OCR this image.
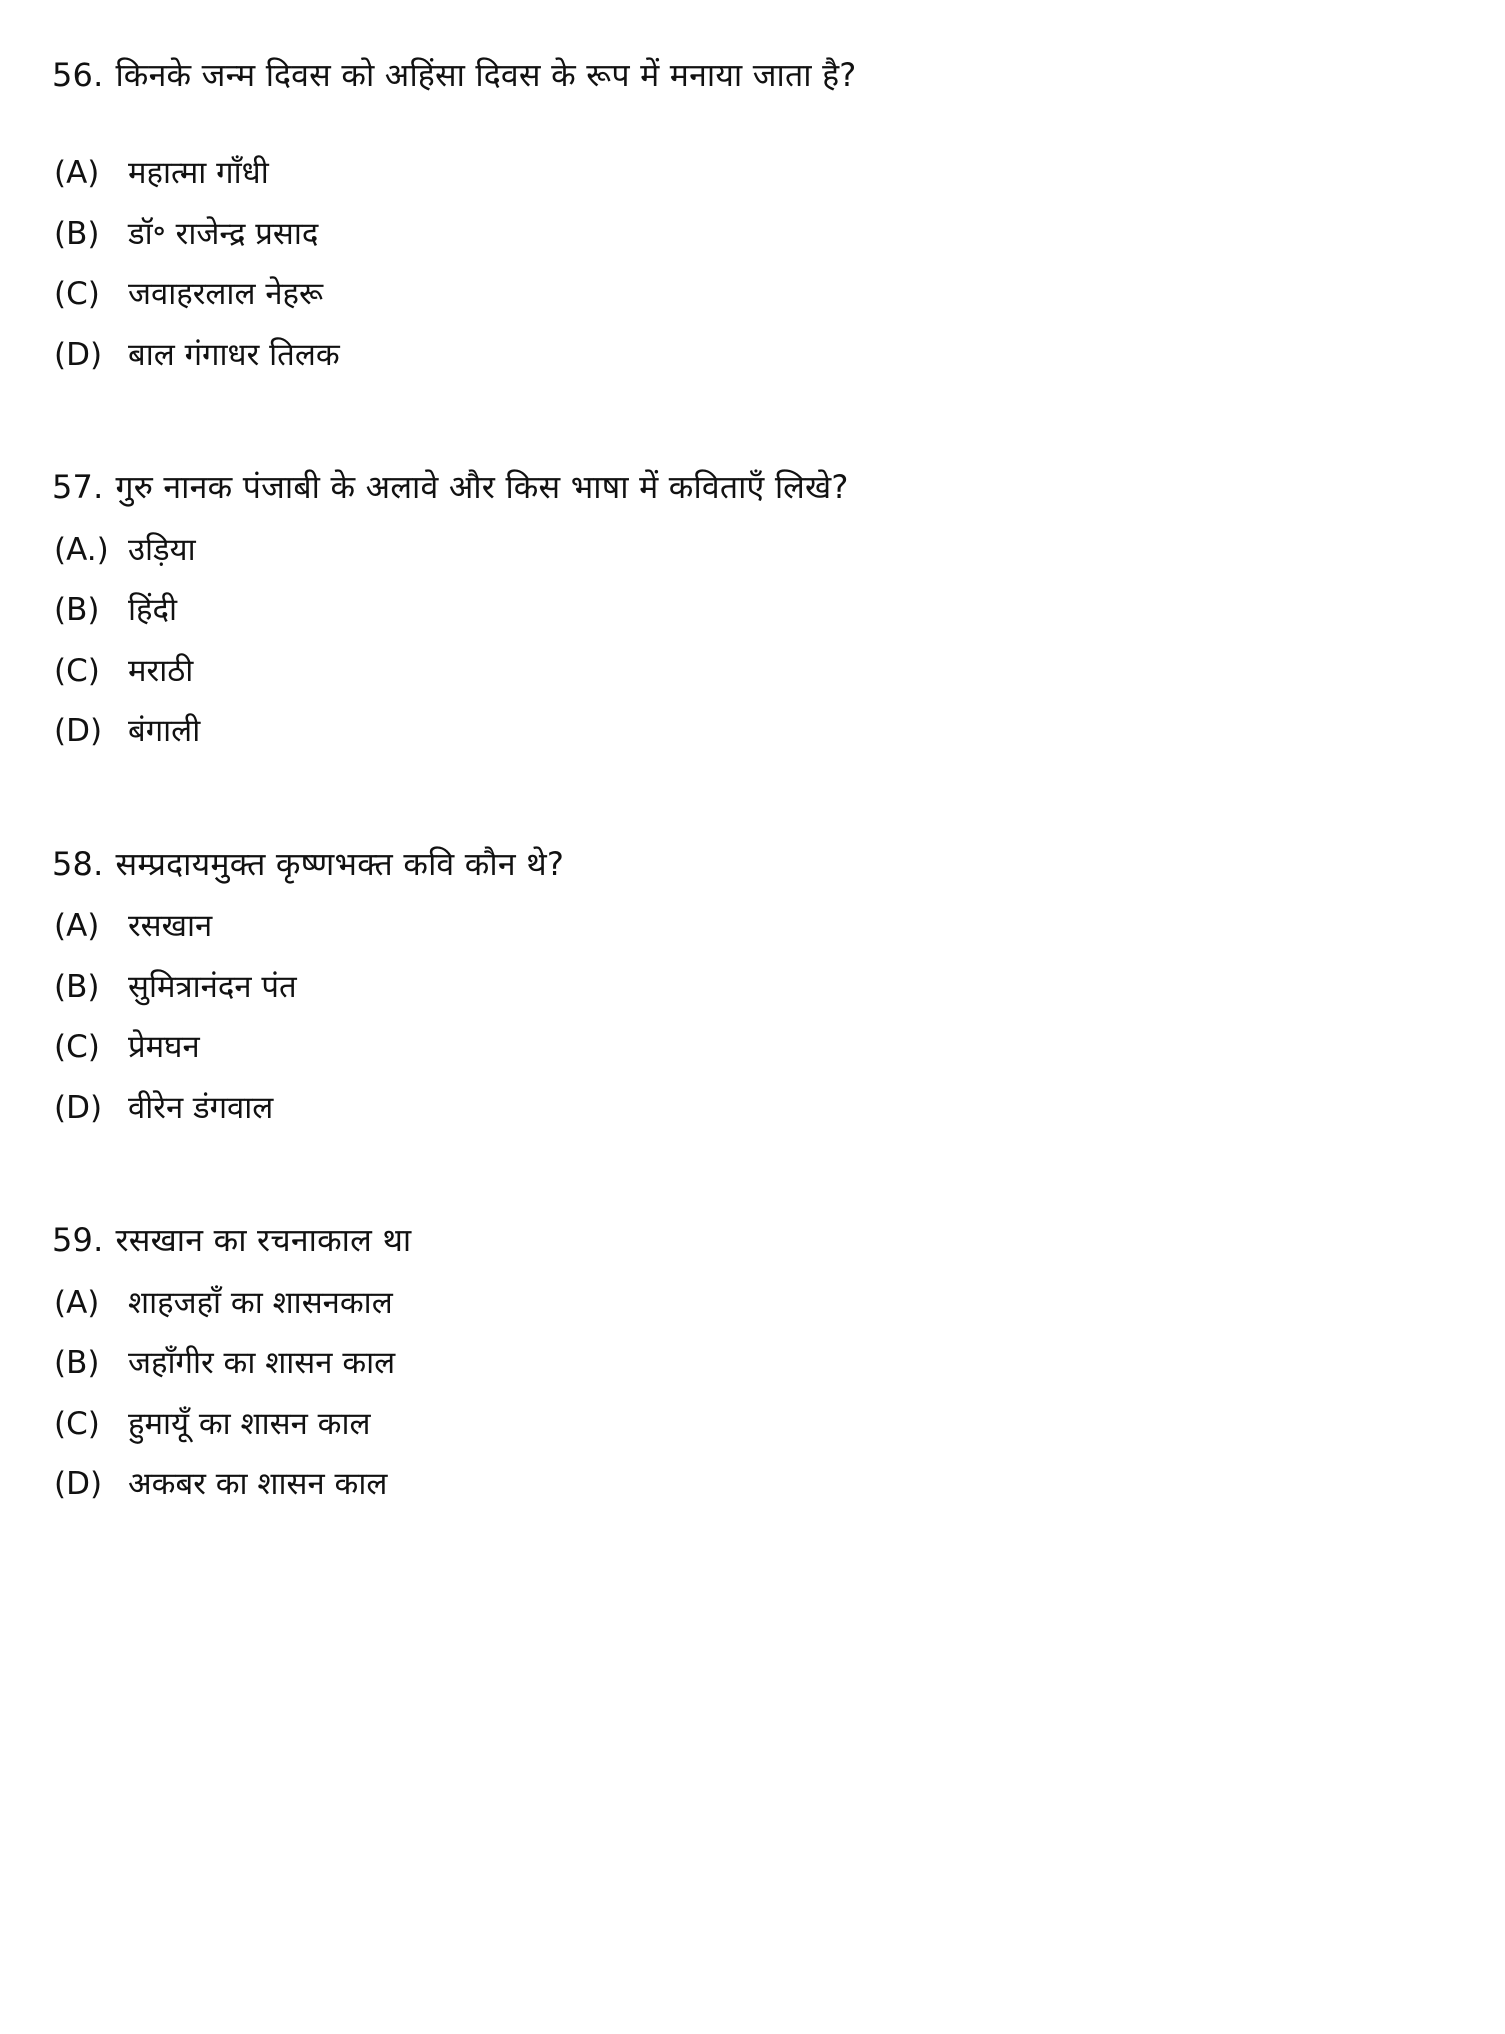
56. किनके जन्म दिवस को अहिंसा दिवस के रूप में मनाया जाता है?
(A) महात्मा गाँधी
(B) डॉ॰ राजेन्द्र प्रसाद
(C) जवाहरलाल नेहरू
(D) बाल गंगाधर तिलक
57. गुरु नानक पंजाबी के अलावे और किस भाषा में कविताएँ लिखे?
(A.) उड़िया
(B) हिंदी
(C) मराठी
(D) बंगाली
58. सम्प्रदायमुक्त कृष्णभक्त कवि कौन थे?
(A) रसखान
(B) सुमित्रानंदन पंत
(C) प्रेमघन
(D) वीरेन डंगवाल
59. रसखान का रचनाकाल था
(A) शाहजहाँ का शासनकाल
(B) जहाँगीर का शासन काल
(C) हुमायूँ का शासन काल
(D) अकबर का शासन काल
